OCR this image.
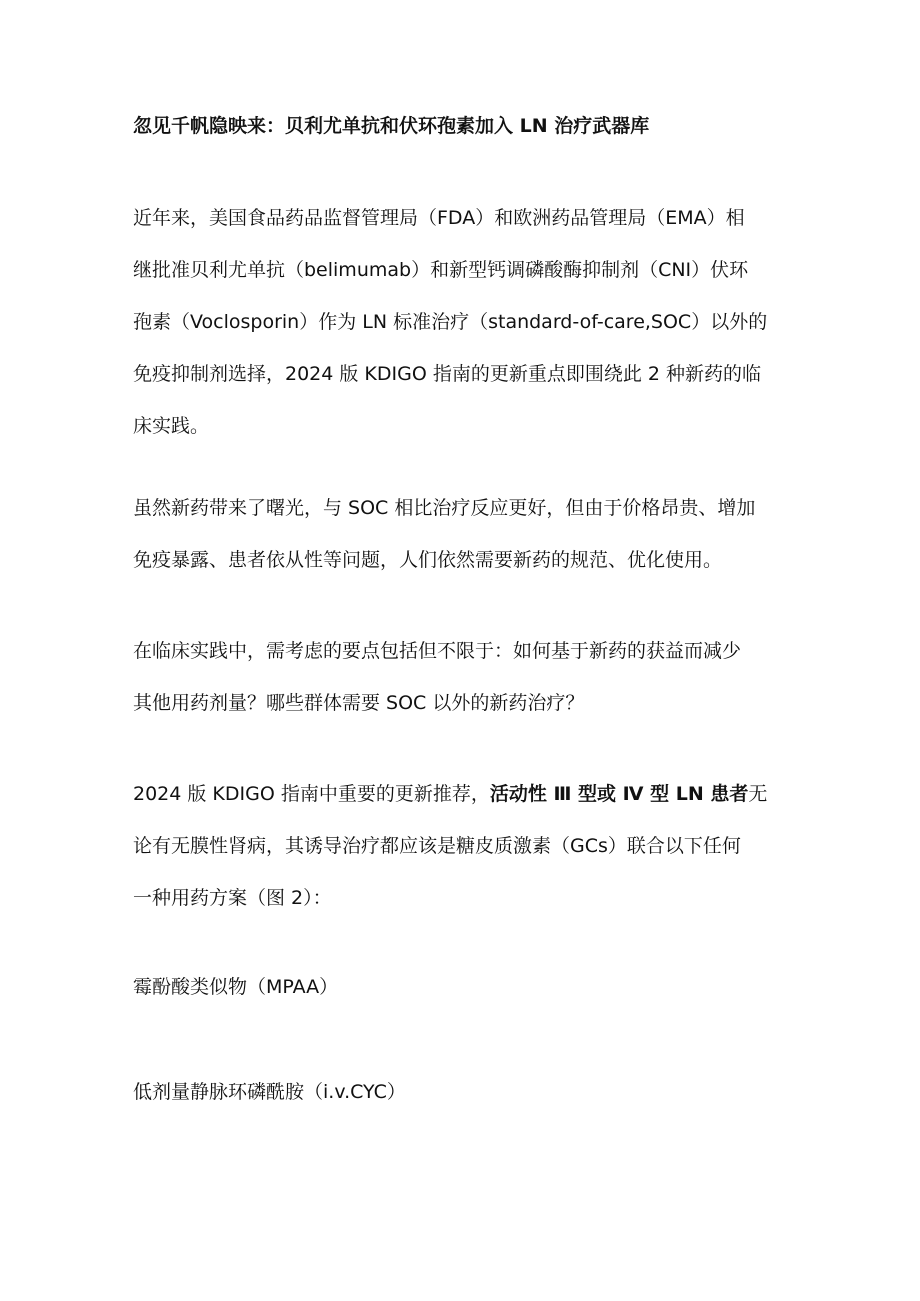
忽见千帆隐映来：贝利尤单抗和伏环孢素加入 LN 治疗武器库

近年来，美国食品药品监督管理局（FDA）和欧洲药品管理局（EMA）相
继批准贝利尤单抗（belimumab）和新型钙调磷酸酶抑制剂（CNI）伏环
孢素（Voclosporin）作为 LN 标准治疗（standard-of-care,SOC）以外的
免疫抑制剂选择，2024 版 KDIGO 指南的更新重点即围绕此 2 种新药的临
床实践。

虽然新药带来了曙光，与 SOC 相比治疗反应更好，但由于价格昂贵、增加
免疫暴露、患者依从性等问题，人们依然需要新药的规范、优化使用。

在临床实践中，需考虑的要点包括但不限于：如何基于新药的获益而减少
其他用药剂量？哪些群体需要 SOC 以外的新药治疗？

2024 版 KDIGO 指南中重要的更新推荐，活动性 Ⅲ 型或 Ⅳ 型 LN 患者无
论有无膜性肾病，其诱导治疗都应该是糖皮质激素（GCs）联合以下任何
一种用药方案（图 2）：

霉酚酸类似物（MPAA）

低剂量静脉环磷酰胺（i.v.CYC）
